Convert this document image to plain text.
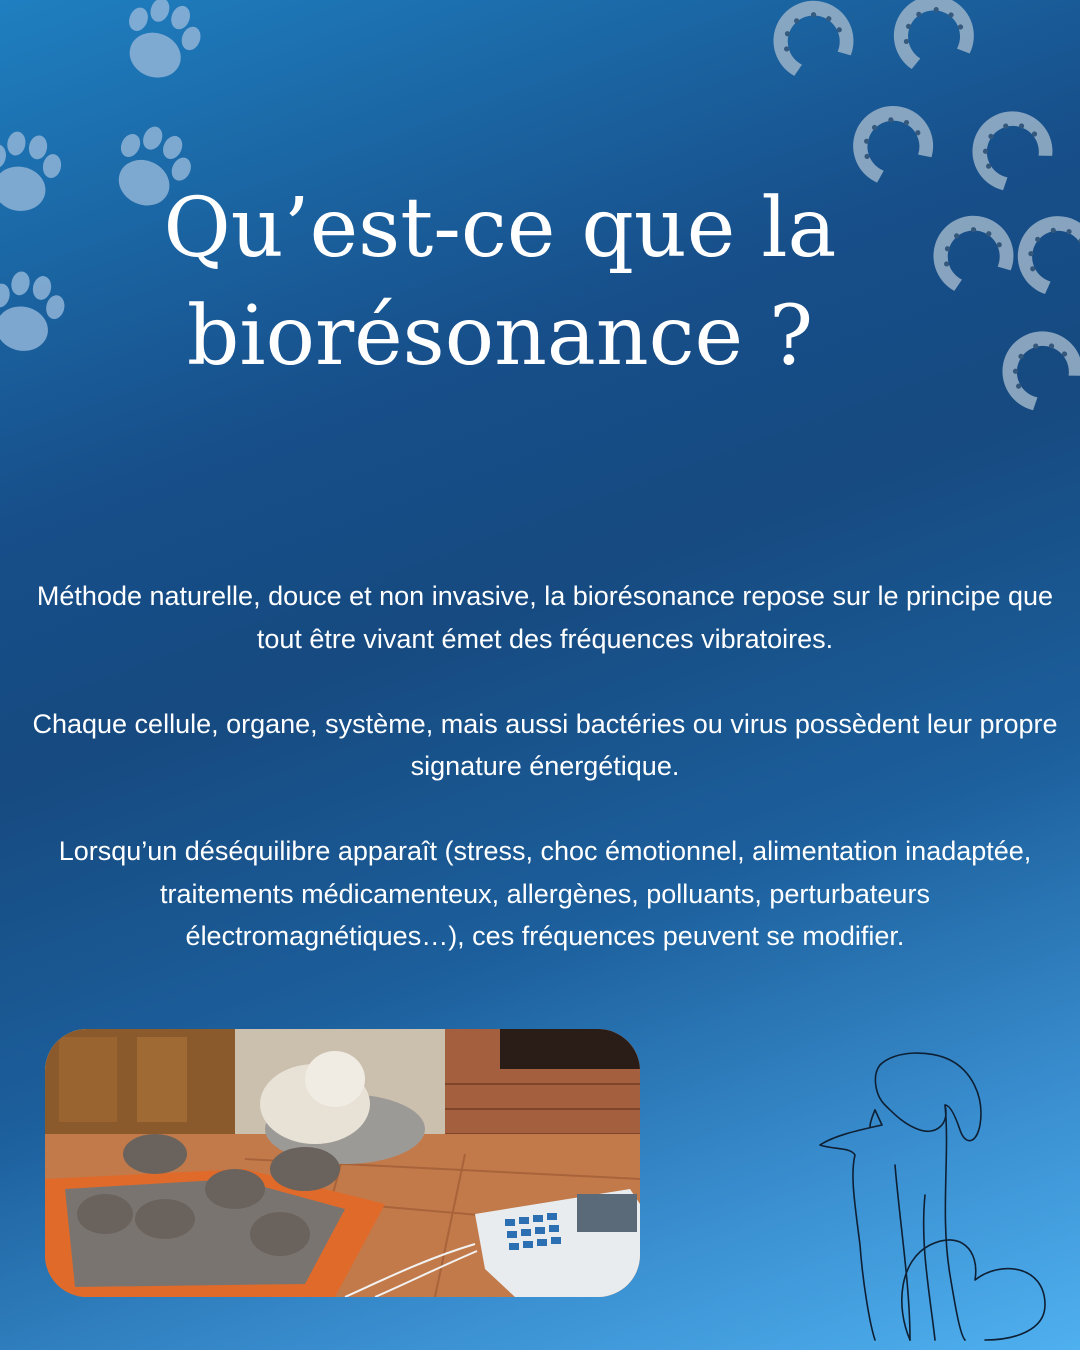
Qu’est-ce que la
biorésonance ?

Méthode naturelle, douce et non invasive, la biorésonance repose sur le principe que tout être vivant émet des fréquences vibratoires.

Chaque cellule, organe, système, mais aussi bactéries ou virus possèdent leur propre signature énergétique.

Lorsqu’un déséquilibre apparaît (stress, choc émotionnel, alimentation inadaptée, traitements médicamenteux, allergènes, polluants, perturbateurs électromagnétiques…), ces fréquences peuvent se modifier.
